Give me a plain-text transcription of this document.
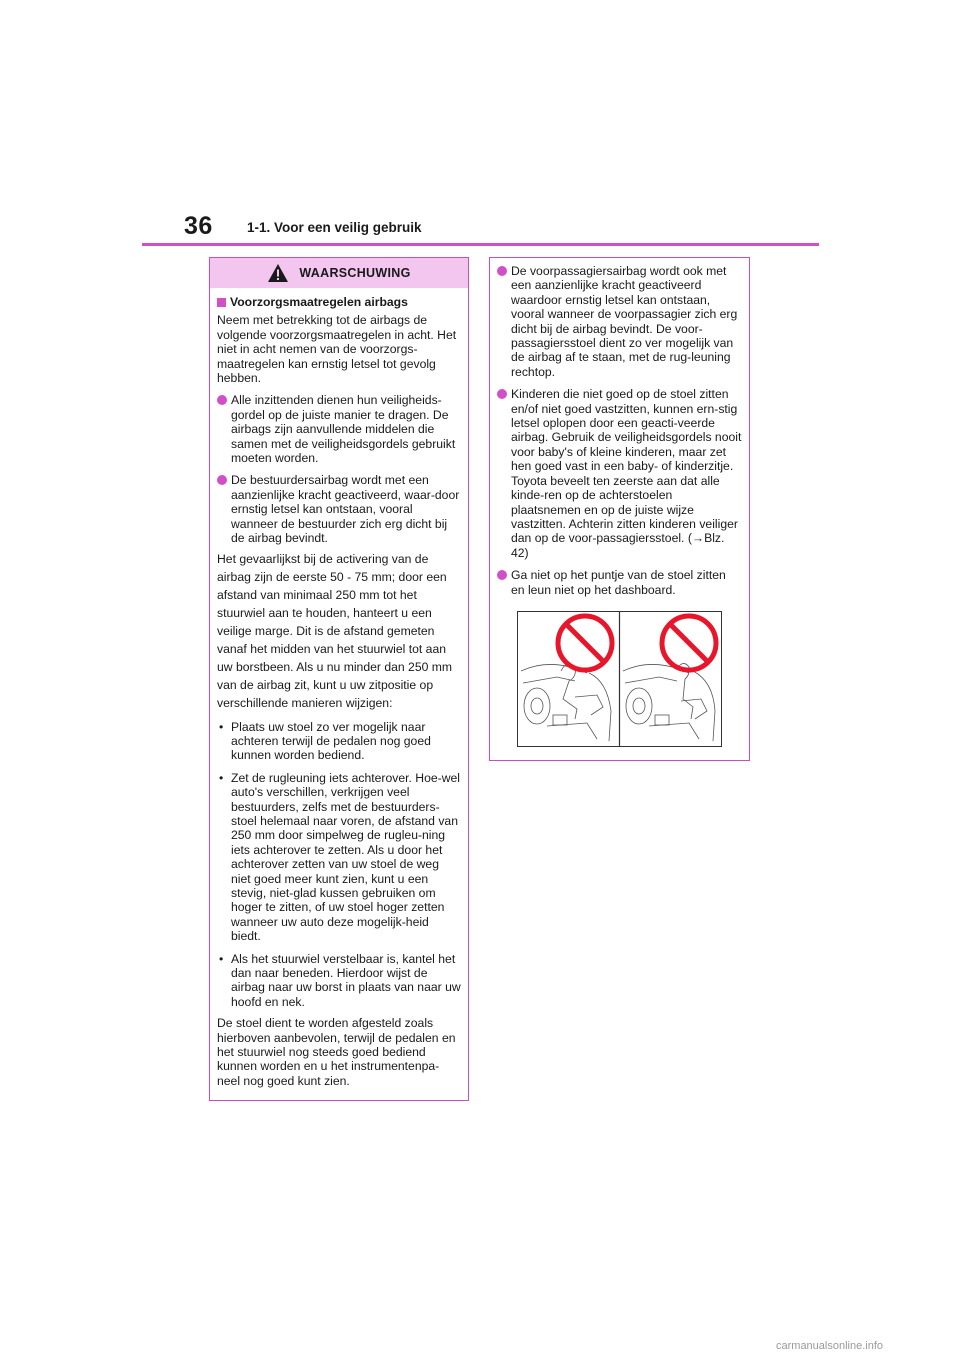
36	1-1. Voor een veilig gebruik
WAARSCHUWING
Voorzorgsmaatregelen airbags

Neem met betrekking tot de airbags de volgende voorzorgsmaatregelen in acht. Het niet in acht nemen van de voorzorgs-maatregelen kan ernstig letsel tot gevolg hebben.

Alle inzittenden dienen hun veiligheids-gordel op de juiste manier te dragen. De airbags zijn aanvullende middelen die samen met de veiligheidsgordels gebruikt moeten worden.
De bestuurdersairbag wordt met een aanzienlijke kracht geactiveerd, waar-door ernstig letsel kan ontstaan, vooral wanneer de bestuurder zich erg dicht bij de airbag bevindt.

Het gevaarlijkst bij de activering van de airbag zijn de eerste 50 - 75 mm; door een afstand van minimaal 250 mm tot het stuurwiel aan te houden, hanteert u een veilige marge. Dit is de afstand gemeten vanaf het midden van het stuurwiel tot aan uw borstbeen. Als u nu minder dan 250 mm van de airbag zit, kunt u uw zitpositie op verschillende manieren wijzigen:

• Plaats uw stoel zo ver mogelijk naar achteren terwijl de pedalen nog goed kunnen worden bediend.
• Zet de rugleuning iets achterover. Hoe-wel auto's verschillen, verkrijgen veel bestuurders, zelfs met de bestuurders-stoel helemaal naar voren, de afstand van 250 mm door simpelweg de rugleu-ning iets achterover te zetten. Als u door het achterover zetten van uw stoel de weg niet goed meer kunt zien, kunt u een stevig, niet-glad kussen gebruiken om hoger te zitten, of uw stoel hoger zetten wanneer uw auto deze mogelijk-heid biedt.
• Als het stuurwiel verstelbaar is, kantel het dan naar beneden. Hierdoor wijst de airbag naar uw borst in plaats van naar uw hoofd en nek.

De stoel dient te worden afgesteld zoals hierboven aanbevolen, terwijl de pedalen en het stuurwiel nog steeds goed bediend kunnen worden en u het instrumentenpa-neel nog goed kunt zien.

De voorpassagiersairbag wordt ook met een aanzienlijke kracht geactiveerd waardoor ernstig letsel kan ontstaan, vooral wanneer de voorpassagier zich erg dicht bij de airbag bevindt. De voor-passagiersstoel dient zo ver mogelijk van de airbag af te staan, met de rug-leuning rechtop.
Kinderen die niet goed op de stoel zitten en/of niet goed vastzitten, kunnen ern-stig letsel oplopen door een geacti-veerde airbag. Gebruik de veiligheidsgordels nooit voor baby's of kleine kinderen, maar zet hen goed vast in een baby- of kinderzitje. Toyota beveelt ten zeerste aan dat alle kinde-ren op de achterstoelen plaatsnemen en op de juiste wijze vastzitten. Achterin zitten kinderen veiliger dan op de voor-passagiersstoel. (→Blz. 42)
Ga niet op het puntje van de stoel zitten en leun niet op het dashboard.
carmanualsonline.info
